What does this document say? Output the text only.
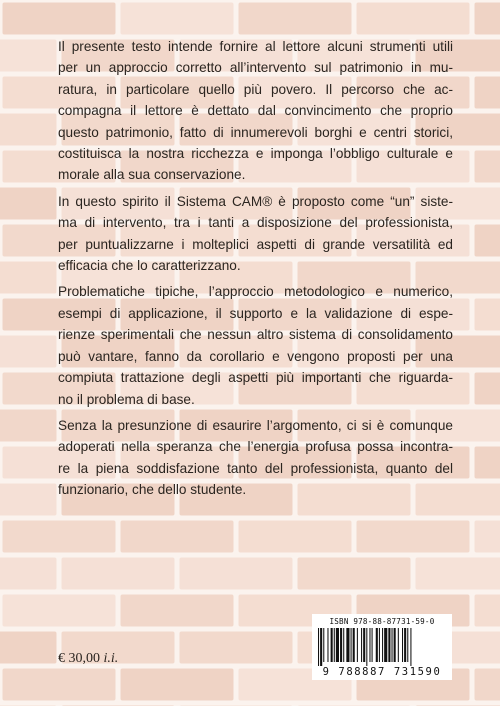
Il presente testo intende fornire al lettore alcuni strumenti utili
per un approccio corretto all’intervento sul patrimonio in mu-
ratura, in particolare quello più povero. Il percorso che ac-
compagna il lettore è dettato dal convincimento che proprio
questo patrimonio, fatto di innumerevoli borghi e centri storici,
costituisca la nostra ricchezza e imponga l’obbligo culturale e
morale alla sua conservazione.

In questo spirito il Sistema CAM® è proposto come “un” siste-
ma di intervento, tra i tanti a disposizione del professionista,
per puntualizzarne i molteplici aspetti di grande versatilità ed
efficacia che lo caratterizzano.

Problematiche tipiche, l’approccio metodologico e numerico,
esempi di applicazione, il supporto e la validazione di espe-
rienze sperimentali che nessun altro sistema di consolidamento
può vantare, fanno da corollario e vengono proposti per una
compiuta trattazione degli aspetti più importanti che riguarda-
no il problema di base.

Senza la presunzione di esaurire l’argomento, ci si è comunque
adoperati nella speranza che l’energia profusa possa incontra-
re la piena soddisfazione tanto del professionista, quanto del
funzionario, che dello studente.

ISBN 978-88-87731-59-0
9 788887 731590
€ 30,00 i.i.
